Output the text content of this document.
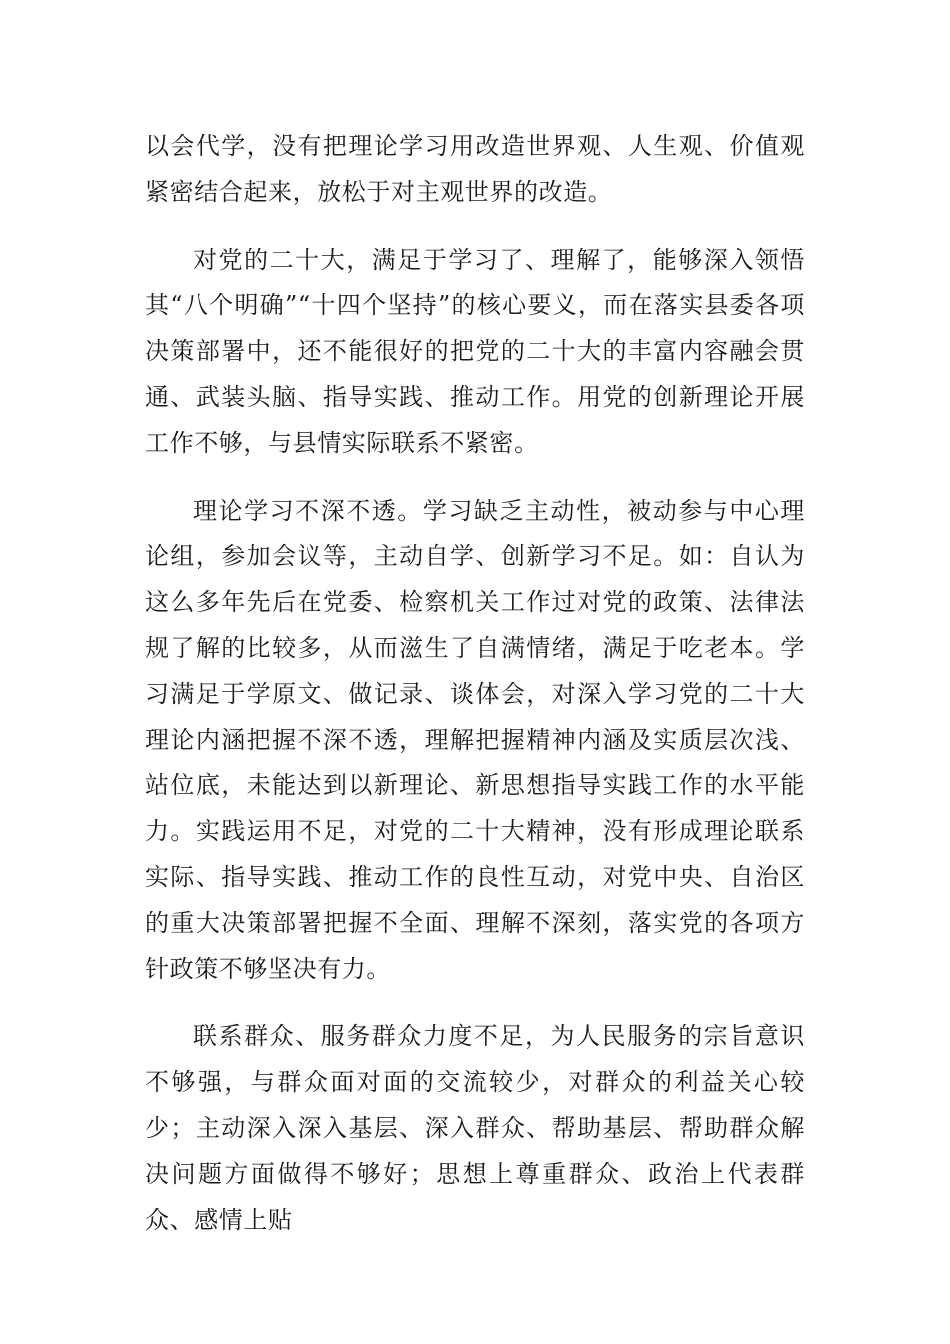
以会代学，没有把理论学习用改造世界观、人生观、价值观紧密结合起来，放松于对主观世界的改造。

对党的二十大，满足于学习了、理解了，能够深入领悟其“八个明确”“十四个坚持”的核心要义，而在落实县委各项决策部署中，还不能很好的把党的二十大的丰富内容融会贯通、武装头脑、指导实践、推动工作。用党的创新理论开展工作不够，与县情实际联系不紧密。

理论学习不深不透。学习缺乏主动性，被动参与中心理论组，参加会议等，主动自学、创新学习不足。如：自认为这么多年先后在党委、检察机关工作过对党的政策、法律法规了解的比较多，从而滋生了自满情绪，满足于吃老本。学习满足于学原文、做记录、谈体会，对深入学习党的二十大理论内涵把握不深不透，理解把握精神内涵及实质层次浅、站位底，未能达到以新理论、新思想指导实践工作的水平能力。实践运用不足，对党的二十大精神，没有形成理论联系实际、指导实践、推动工作的良性互动，对党中央、自治区的重大决策部署把握不全面、理解不深刻，落实党的各项方针政策不够坚决有力。

联系群众、服务群众力度不足，为人民服务的宗旨意识不够强，与群众面对面的交流较少，对群众的利益关心较少；主动深入深入基层、深入群众、帮助基层、帮助群众解决问题方面做得不够好；思想上尊重群众、政治上代表群众、感情上贴
